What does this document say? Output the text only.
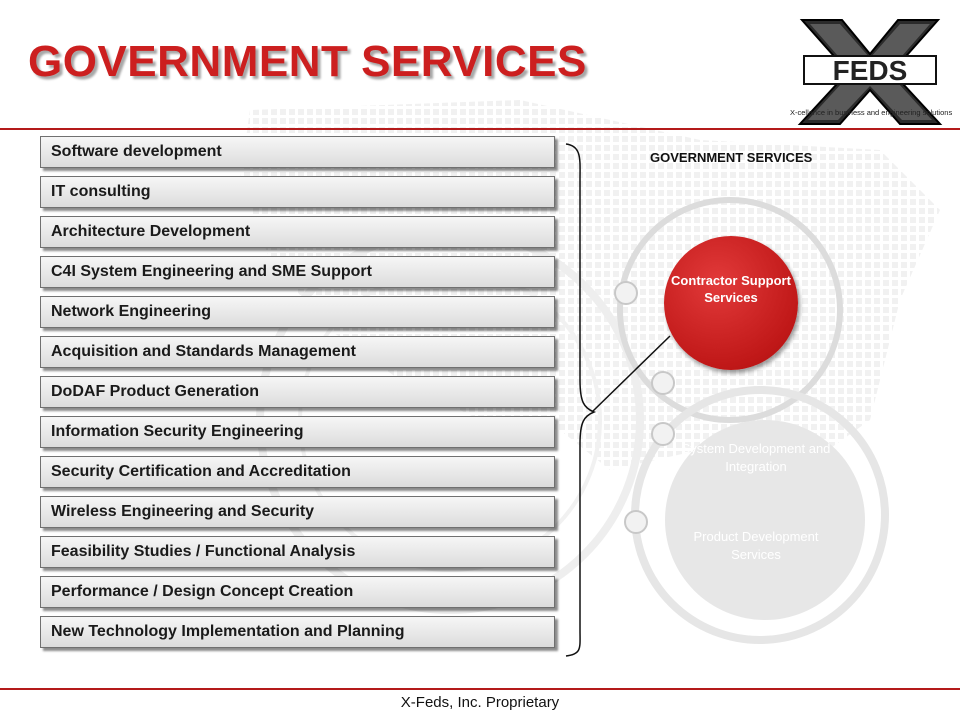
GOVERNMENT SERVICES	FEDS
X-cellence in business and engineering solutions
Software development
IT consulting
Architecture Development
C4I System Engineering and SME Support
Network Engineering
Acquisition and Standards Management
DoDAF Product Generation
Information Security Engineering
Security Certification and Accreditation
Wireless Engineering and Security
Feasibility Studies / Functional Analysis
Performance / Design Concept Creation
New Technology Implementation and Planning
GOVERNMENT SERVICES
Contractor Support Services
System Development and Integration
Product Development Services
X-Feds, Inc. Proprietary
